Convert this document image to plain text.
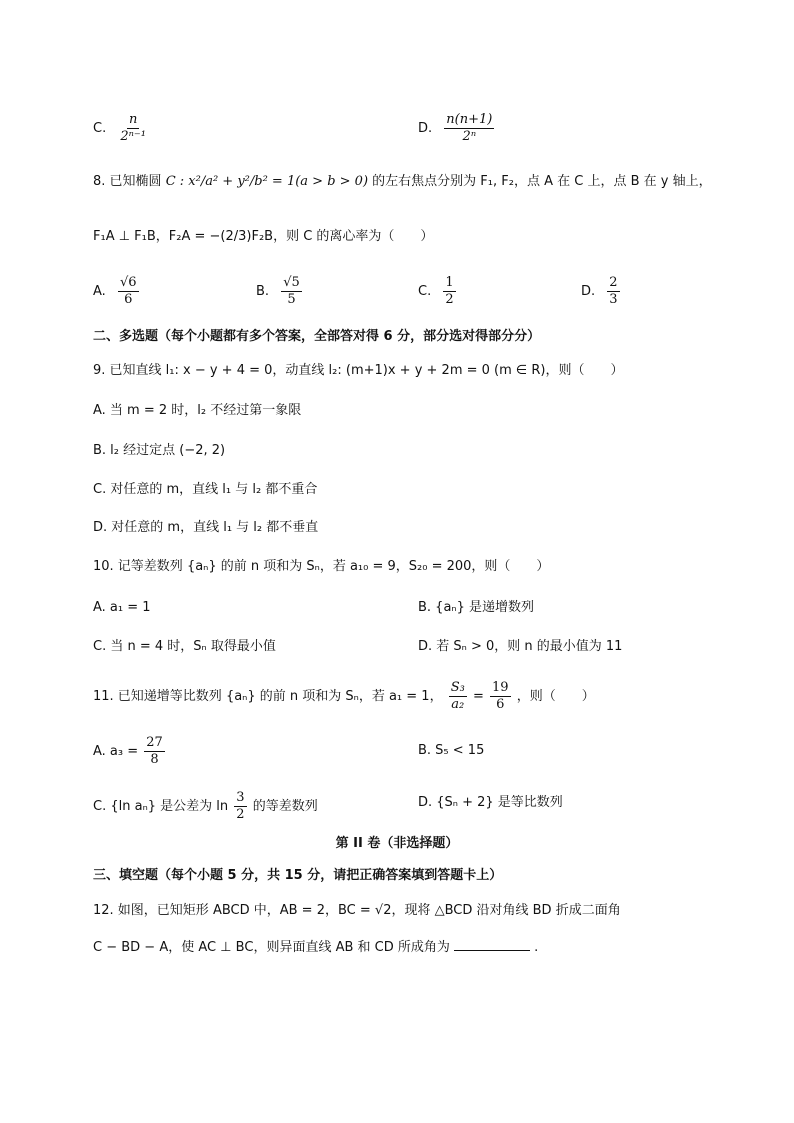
C. $\frac{n}{\text{2ⁿ⁻¹}}$	D. $\frac{n(n+1)}{\text{2ⁿ}}$
8. 已知椭圆 C : x²/a² + y²/b² = 1(a > b > 0) 的左右焦点分别为 F₁, F₂，点 A 在 C 上，点 B 在 y 轴上，
F₁A ⊥ F₁B，F₂A = −(2/3)F₂B，则 C 的离心率为（　　）
A. $\frac{√6}{6}$	B. $\frac{√5}{5}$	C. $\frac{1}{2}$	D. $\frac{2}{3}$
二、多选题（每个小题都有多个答案，全部答对得 6 分，部分选对得部分分）
9. 已知直线 l₁: x − y + 4 = 0，动直线 l₂: (m+1)x + y + 2m = 0 (m ∈ R)，则（　　）
A. 当 m = 2 时，l₂ 不经过第一象限
B. l₂ 经过定点 (−2, 2)
C. 对任意的 m，直线 l₁ 与 l₂ 都不重合
D. 对任意的 m，直线 l₁ 与 l₂ 都不垂直
10. 记等差数列 {aₙ} 的前 n 项和为 Sₙ，若 a₁₀ = 9，S₂₀ = 200，则（　　）
A. a₁ = 1	B. {aₙ} 是递增数列
C. 当 n = 4 时，Sₙ 取得最小值	D. 若 Sₙ > 0，则 n 的最小值为 11
11. 已知递增等比数列 {aₙ} 的前 n 项和为 Sₙ，若 a₁ = 1， $\frac{\text{S₃}}{\text{a₂}} = \frac{19}{6}$ ，则（　　）
A. $a_3 = \frac{27}{8}$	B. S₅ < 15
C. {ln aₙ} 是公差为 $\ln \frac{3}{2}$ 的等差数列	D. {Sₙ + 2} 是等比数列
第 II 卷（非选择题）
三、填空题（每个小题 5 分，共 15 分，请把正确答案填到答题卡上）
12. 如图，已知矩形 ABCD 中，AB = 2，BC = √2，现将 △BCD 沿对角线 BD 折成二面角
C − BD − A，使 AC ⊥ BC，则异面直线 AB 和 CD 所成角为	.
